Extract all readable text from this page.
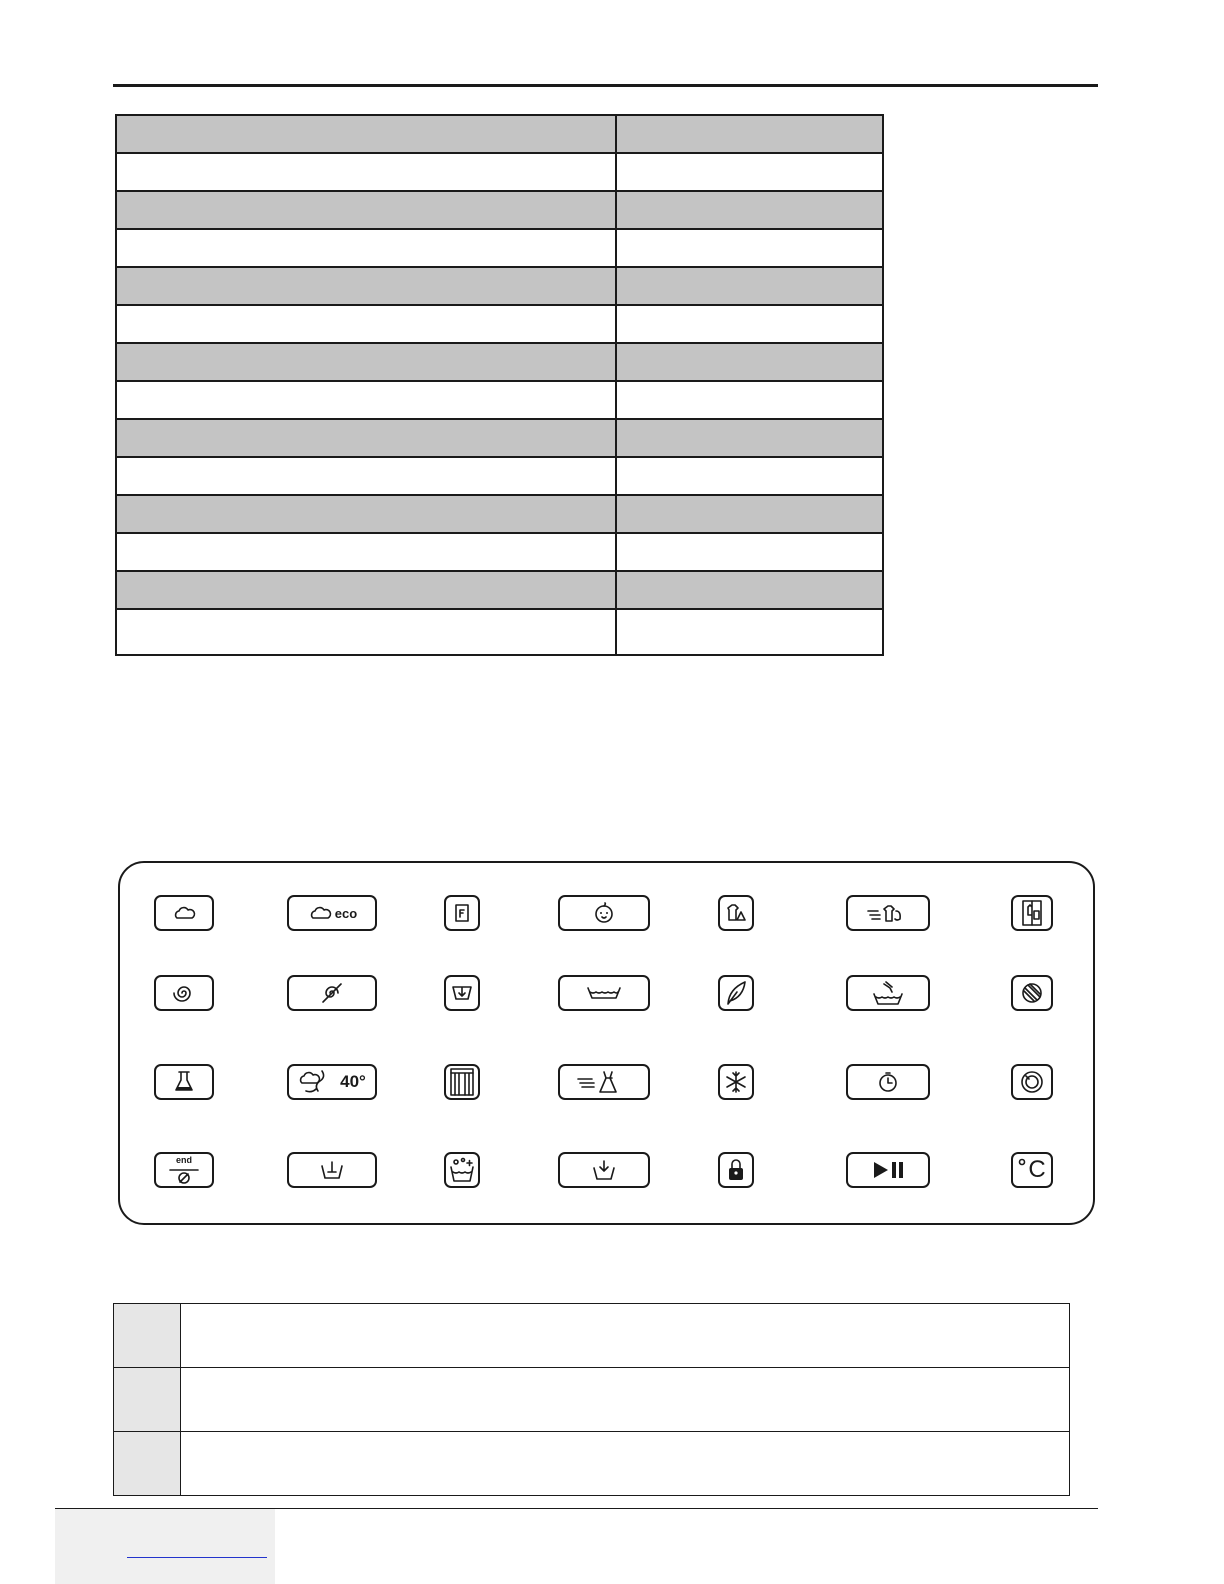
eco
40°
end	C
